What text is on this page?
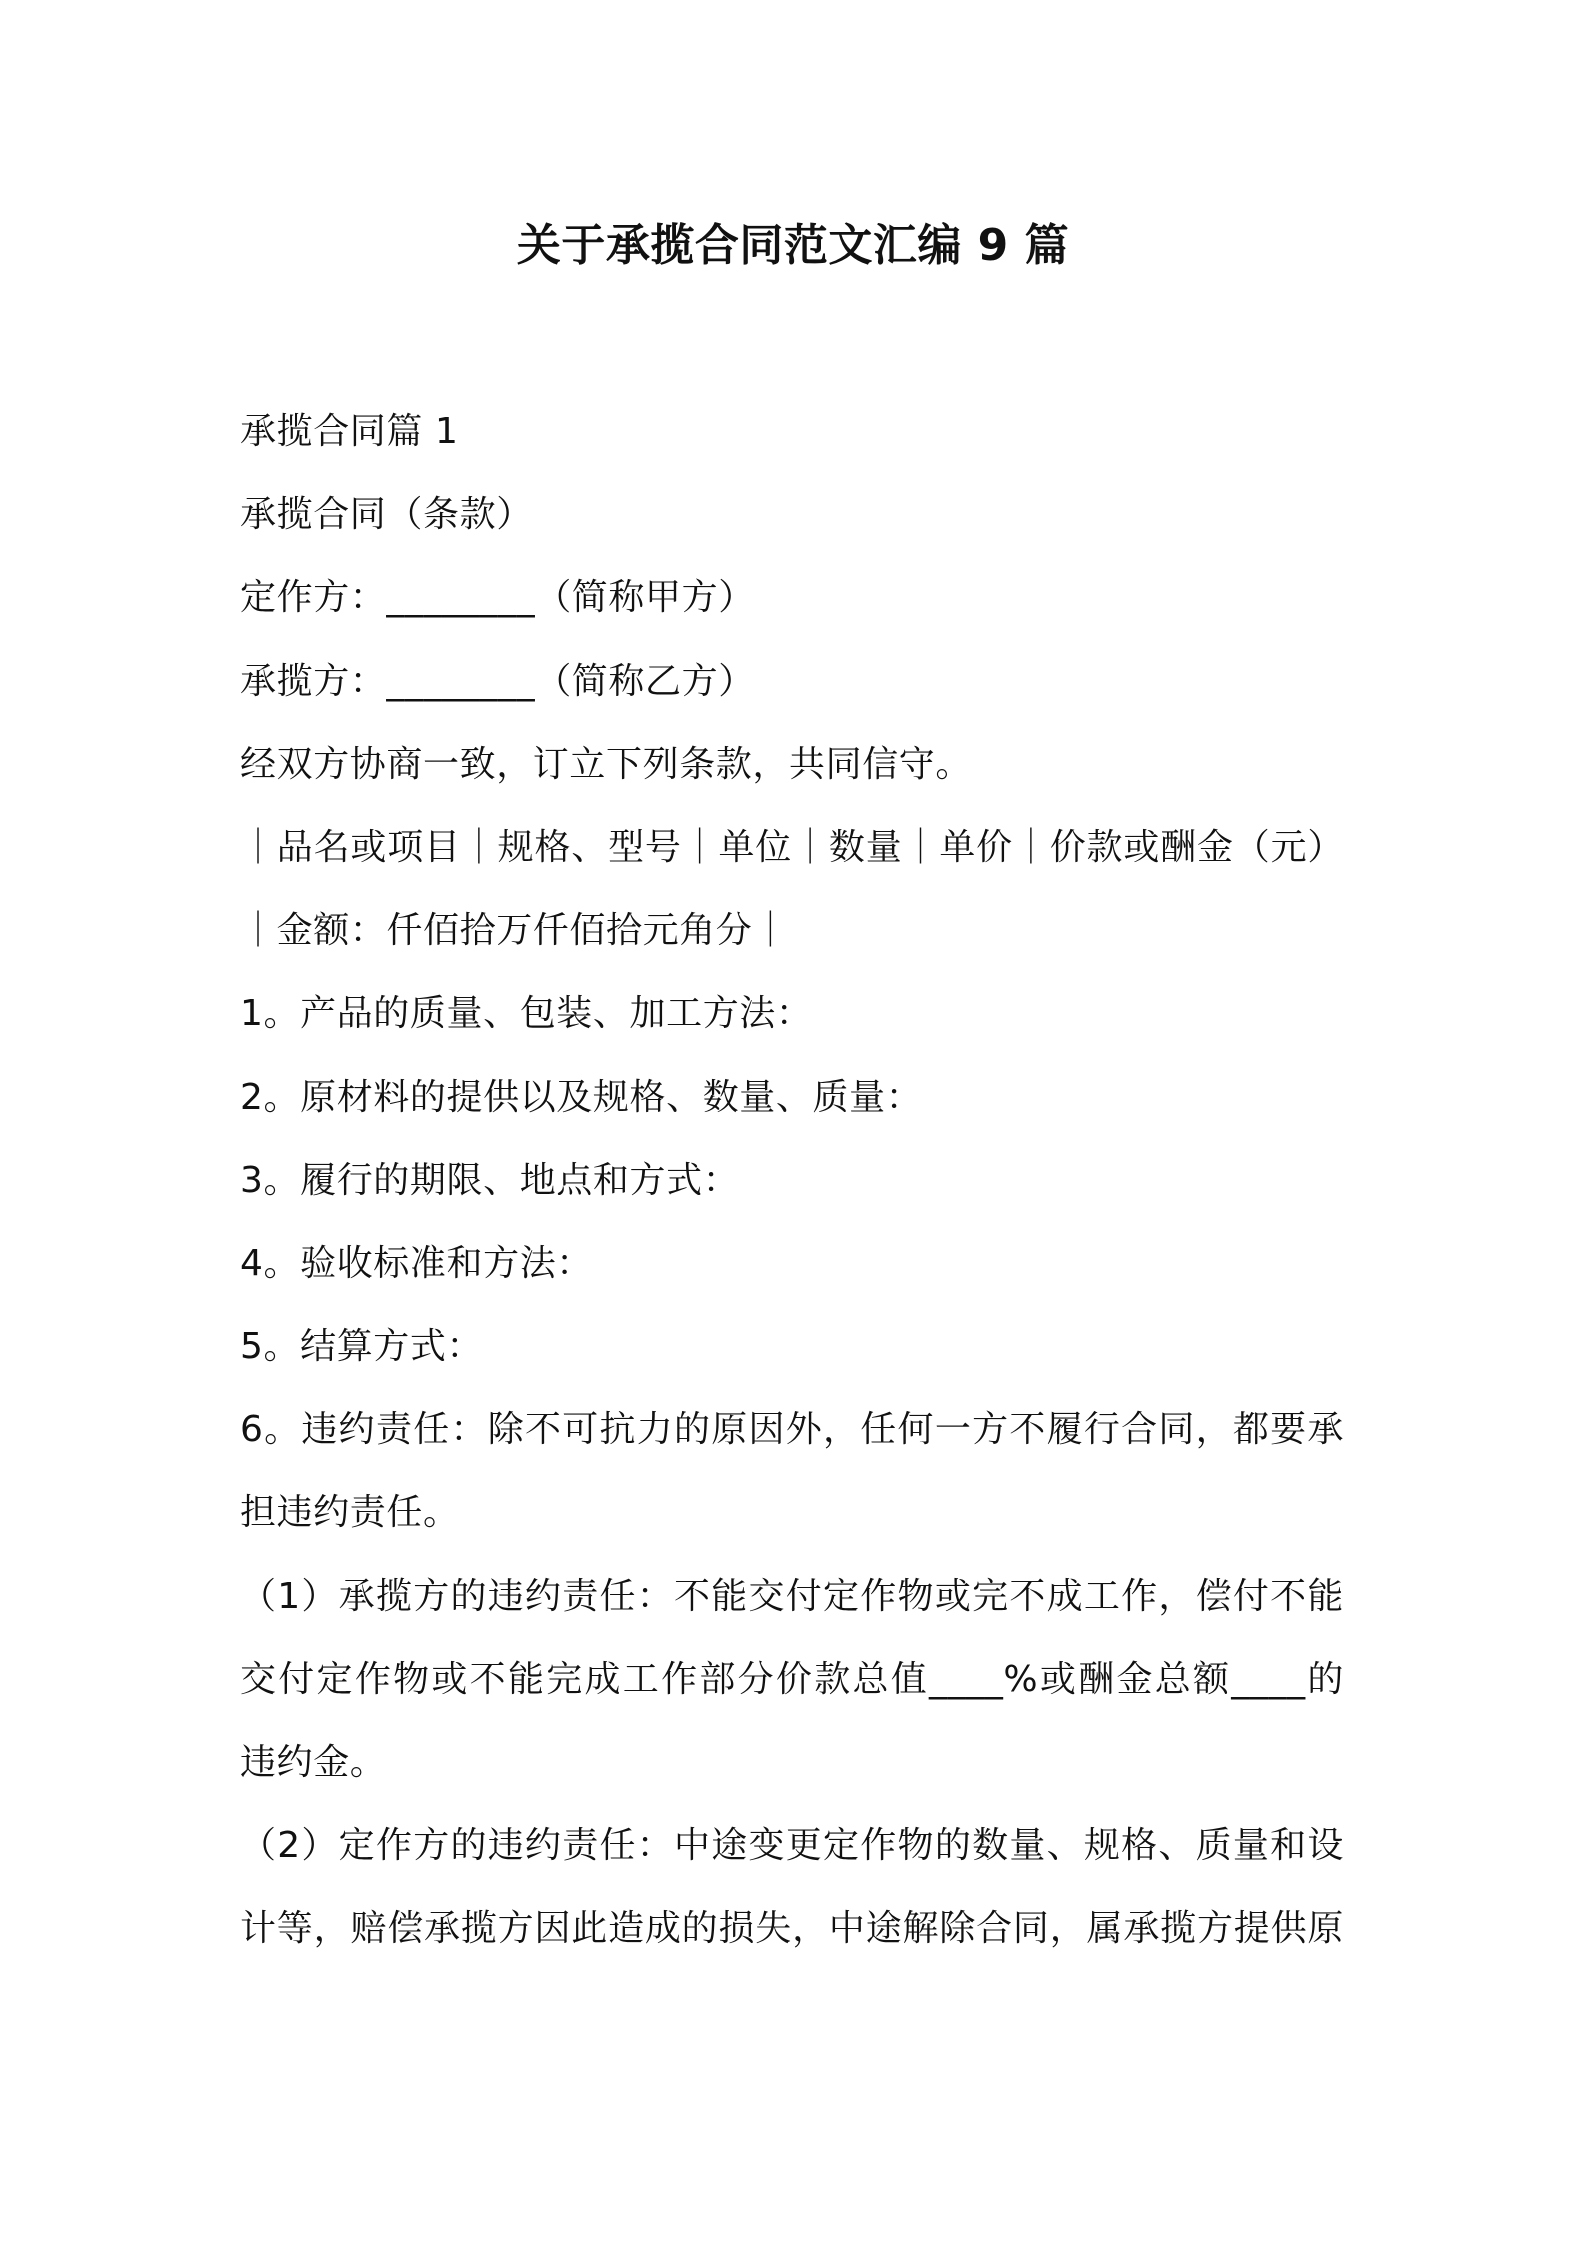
关于承揽合同范文汇编 9 篇
承揽合同篇 1
承揽合同（条款）
定作方：________（简称甲方）
承揽方：________（简称乙方）
经双方协商一致，订立下列条款，共同信守。
｜品名或项目｜规格、型号｜单位｜数量｜单价｜价款或酬金（元）
｜金额：仟佰拾万仟佰拾元角分｜
1。产品的质量、包装、加工方法：
2。原材料的提供以及规格、数量、质量：
3。履行的期限、地点和方式：
4。验收标准和方法：
5。结算方式：
6。违约责任：除不可抗力的原因外，任何一方不履行合同，都要承
担违约责任。
（1）承揽方的违约责任：不能交付定作物或完不成工作，偿付不能
交付定作物或不能完成工作部分价款总值____%或酬金总额____的
违约金。
（2）定作方的违约责任：中途变更定作物的数量、规格、质量和设
计等，赔偿承揽方因此造成的损失，中途解除合同，属承揽方提供原
